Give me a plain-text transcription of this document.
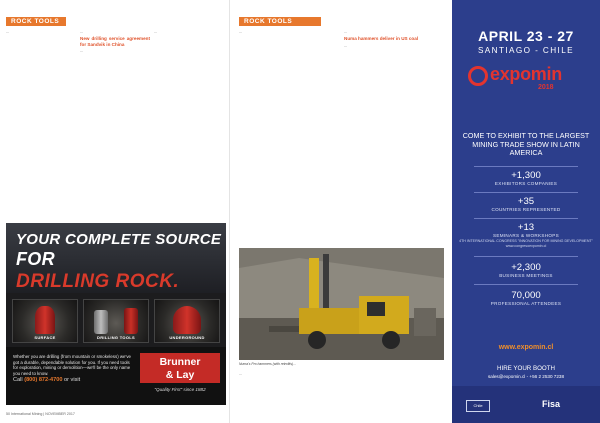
ROCK TOOLS

...	...

New drilling service agreement for Sandvik in China

...

...

YOUR COMPLETE SOURCE
FOR
DRILLING ROCK.
SURFACE	DRILLING TOOLS	UNDERGROUND
Whether you are drilling (from mountain or smokeless) we've got a durable, dependable solution for you. If you need tools for exploration, mining or demolition—we'll be the only name you need to know.
Call (800) 872-4700 or visit
Brunner
& Lay
"Quality First" since 1882
50 International Mining | NOVEMBER 2017
ROCK TOOLS

...	...

Numa hammers deliver in US coal

...

Numa's Pro hammers (with retrofits)...

...

APRIL 23 - 27
SANTIAGO - CHILE
expomin
2018
COME TO EXHIBIT TO THE LARGEST MINING TRADE SHOW IN LATIN AMERICA
+1,300
EXHIBITORS COMPANIES
+35
COUNTRIES REPRESENTED
+13
SEMINARS & WORKSHOPS
4TH INTERNATIONAL CONGRESS "INNOVATION FOR MINING DEVELOPMENT" www.congresoexpomin.cl
+2,300
BUSINESS MEETINGS
70,000
PROFESSIONAL ATTENDEES
www.expomin.cl
HIRE YOUR BOOTH
sales@expomin.cl - +56 2 2530 7238
Chile	Fisa
